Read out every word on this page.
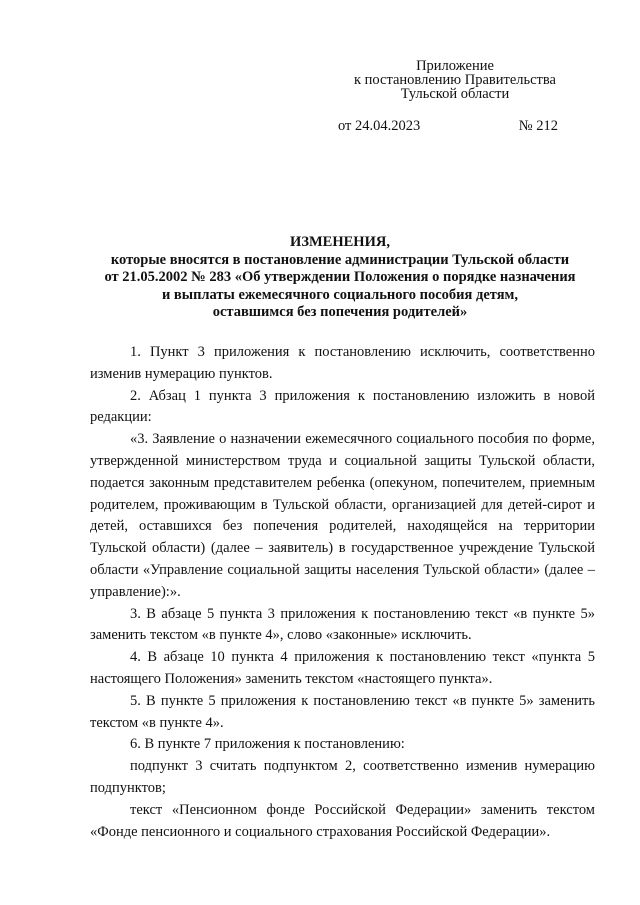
Приложение
к постановлению Правительства
Тульской области
от 24.04.2023	№ 212
ИЗМЕНЕНИЯ,
которые вносятся в постановление администрации Тульской области
от 21.05.2002 № 283 «Об утверждении Положения о порядке назначения
и выплаты ежемесячного социального пособия детям,
оставшимся без попечения родителей»

1. Пункт 3 приложения к постановлению исключить, соответственно изменив нумерацию пунктов.

2. Абзац 1 пункта 3 приложения к постановлению изложить в новой редакции:

«3. Заявление о назначении ежемесячного социального пособия по форме, утвержденной министерством труда и социальной защиты Тульской области, подается законным представителем ребенка (опекуном, попечителем, приемным родителем, проживающим в Тульской области, организацией для детей-сирот и детей, оставшихся без попечения родителей, находящейся на территории Тульской области) (далее – заявитель) в государственное учреждение Тульской области «Управление социальной защиты населения Тульской области» (далее – управление):».

3. В абзаце 5 пункта 3 приложения к постановлению текст «в пункте 5» заменить текстом «в пункте 4», слово «законные» исключить.

4. В абзаце 10 пункта 4 приложения к постановлению текст «пункта 5 настоящего Положения» заменить текстом «настоящего пункта».

5. В пункте 5 приложения к постановлению текст «в пункте 5» заменить текстом «в пункте 4».

6. В пункте 7 приложения к постановлению:

подпункт 3 считать подпунктом 2, соответственно изменив нумерацию подпунктов;

текст «Пенсионном фонде Российской Федерации» заменить текстом «Фонде пенсионного и социального страхования Российской Федерации».
